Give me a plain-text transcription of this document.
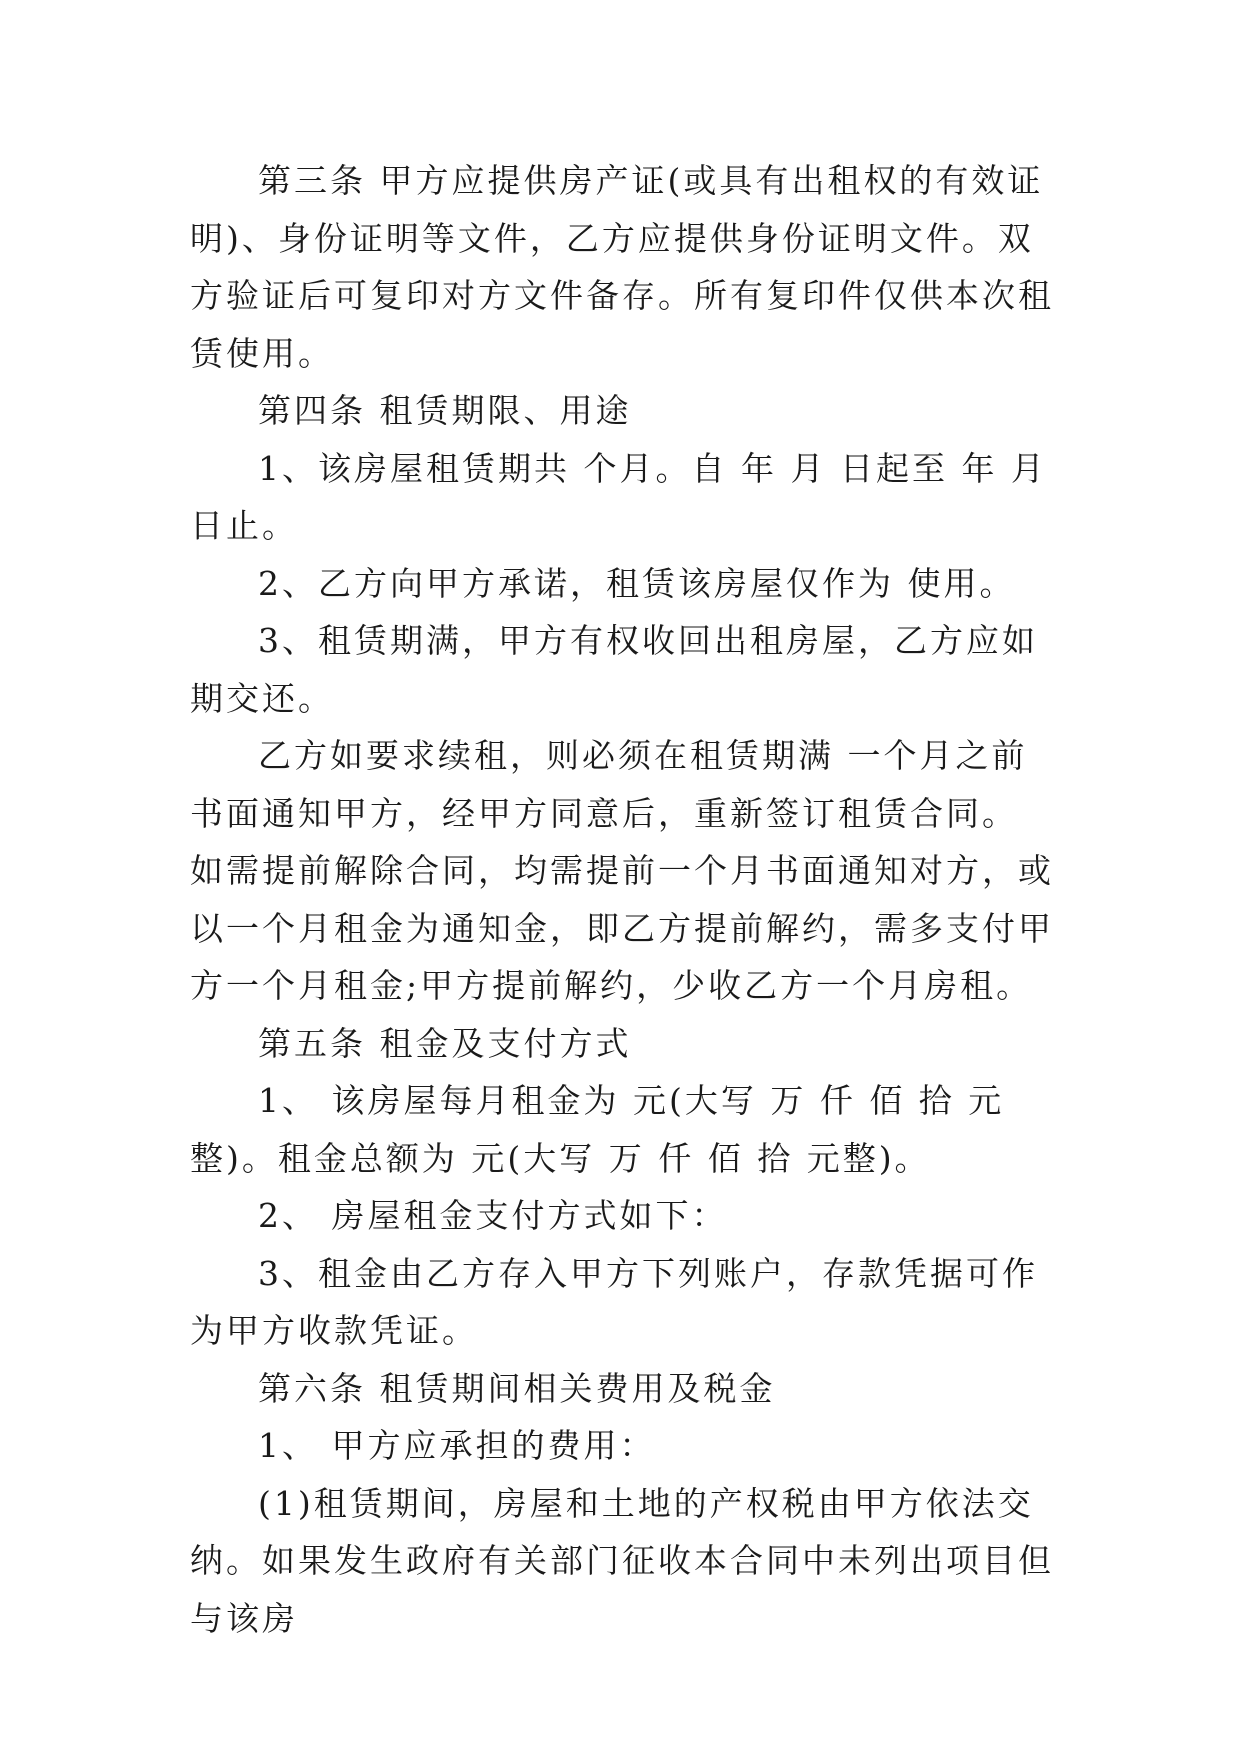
第三条 甲方应提供房产证(或具有出租权的有效证明)、身份证明等文件，乙方应提供身份证明文件。双方验证后可复印对方文件备存。所有复印件仅供本次租赁使用。

第四条 租赁期限、用途

1、该房屋租赁期共 个月。自 年 月 日起至 年 月 日止。

2、乙方向甲方承诺，租赁该房屋仅作为 使用。

3、租赁期满，甲方有权收回出租房屋，乙方应如期交还。

乙方如要求续租，则必须在租赁期满 一个月之前书面通知甲方，经甲方同意后，重新签订租赁合同。 如需提前解除合同，均需提前一个月书面通知对方，或以一个月租金为通知金，即乙方提前解约，需多支付甲方一个月租金;甲方提前解约，少收乙方一个月房租。

第五条 租金及支付方式

1、 该房屋每月租金为 元(大写 万 仟 佰 拾 元整)。租金总额为 元(大写 万 仟 佰 拾 元整)。

2、 房屋租金支付方式如下：

3、租金由乙方存入甲方下列账户，存款凭据可作为甲方收款凭证。

第六条 租赁期间相关费用及税金

1、 甲方应承担的费用：

(1)租赁期间，房屋和土地的产权税由甲方依法交纳。如果发生政府有关部门征收本合同中未列出项目但与该房
